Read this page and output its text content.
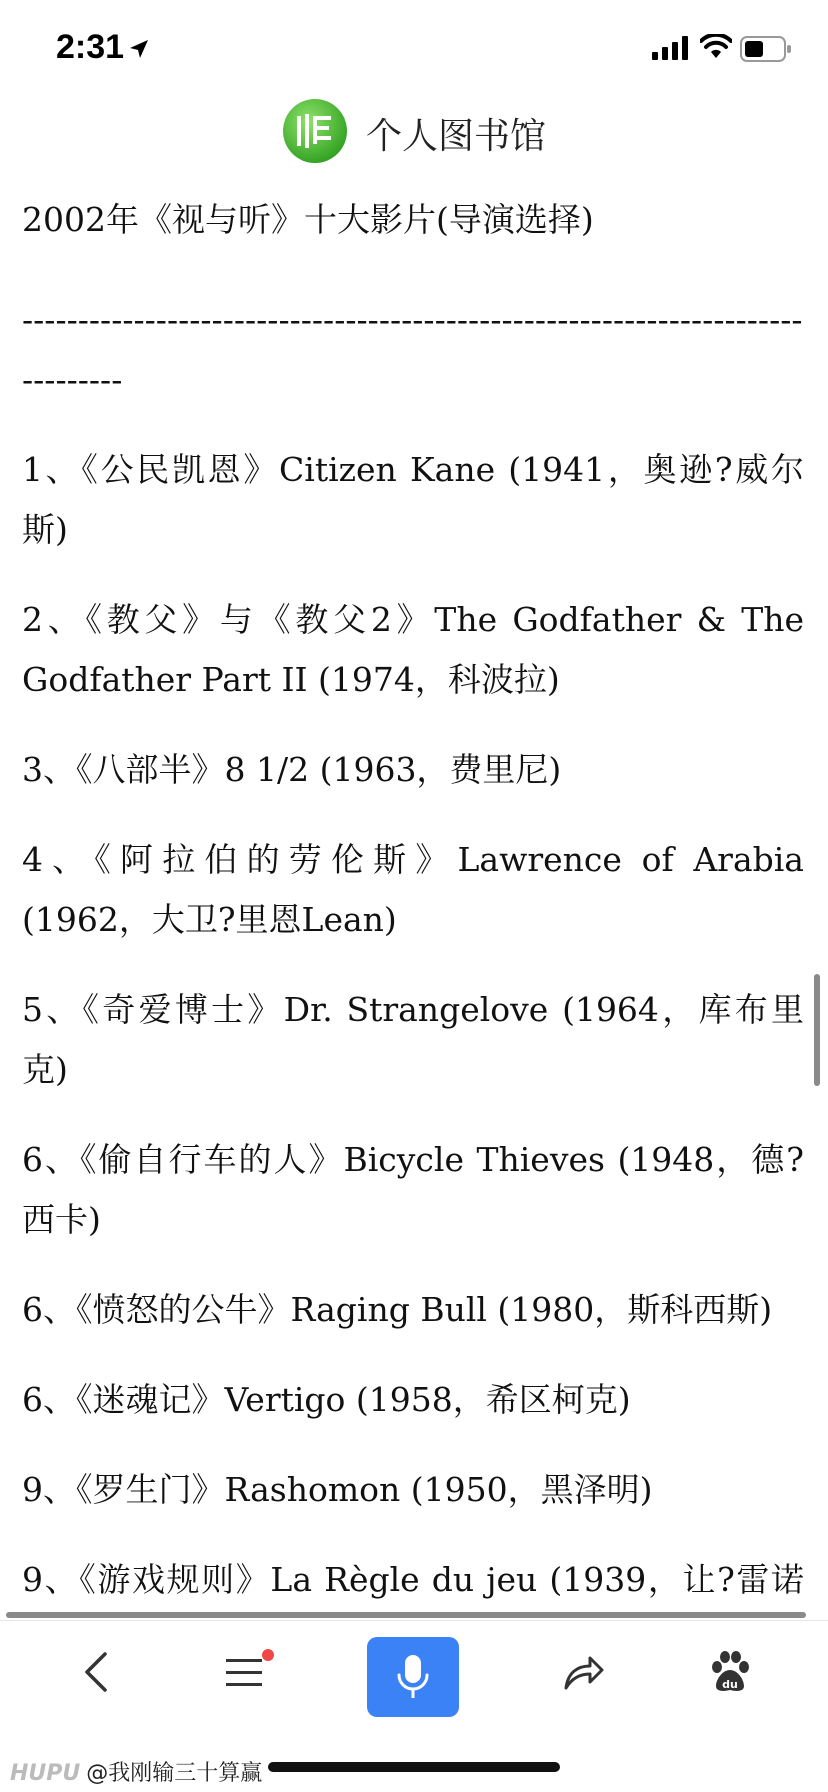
2:31
个人图书馆
2002年《视与听》十大影片(导演选择)
-------------------------------------------------------------------------------
1、《公民凯恩》Citizen Kane (1941，奥逊?威尔斯)
2、《教父》与《教父2》The Godfather & The Godfather Part II (1974，科波拉)
3、《八部半》8 1/2 (1963，费里尼)
4、《阿拉伯的劳伦斯》Lawrence of Arabia (1962，大卫?里恩Lean)
5、《奇爱博士》Dr. Strangelove (1964，库布里克)
6、《偷自行车的人》Bicycle Thieves (1948，德?西卡)
6、《愤怒的公牛》Raging Bull (1980，斯科西斯)
6、《迷魂记》Vertigo (1958，希区柯克)
9、《罗生门》Rashomon (1950，黑泽明)
9、《游戏规则》La Règle du jeu (1939，让?雷诺
du
HUPU @我刚输三十算赢
